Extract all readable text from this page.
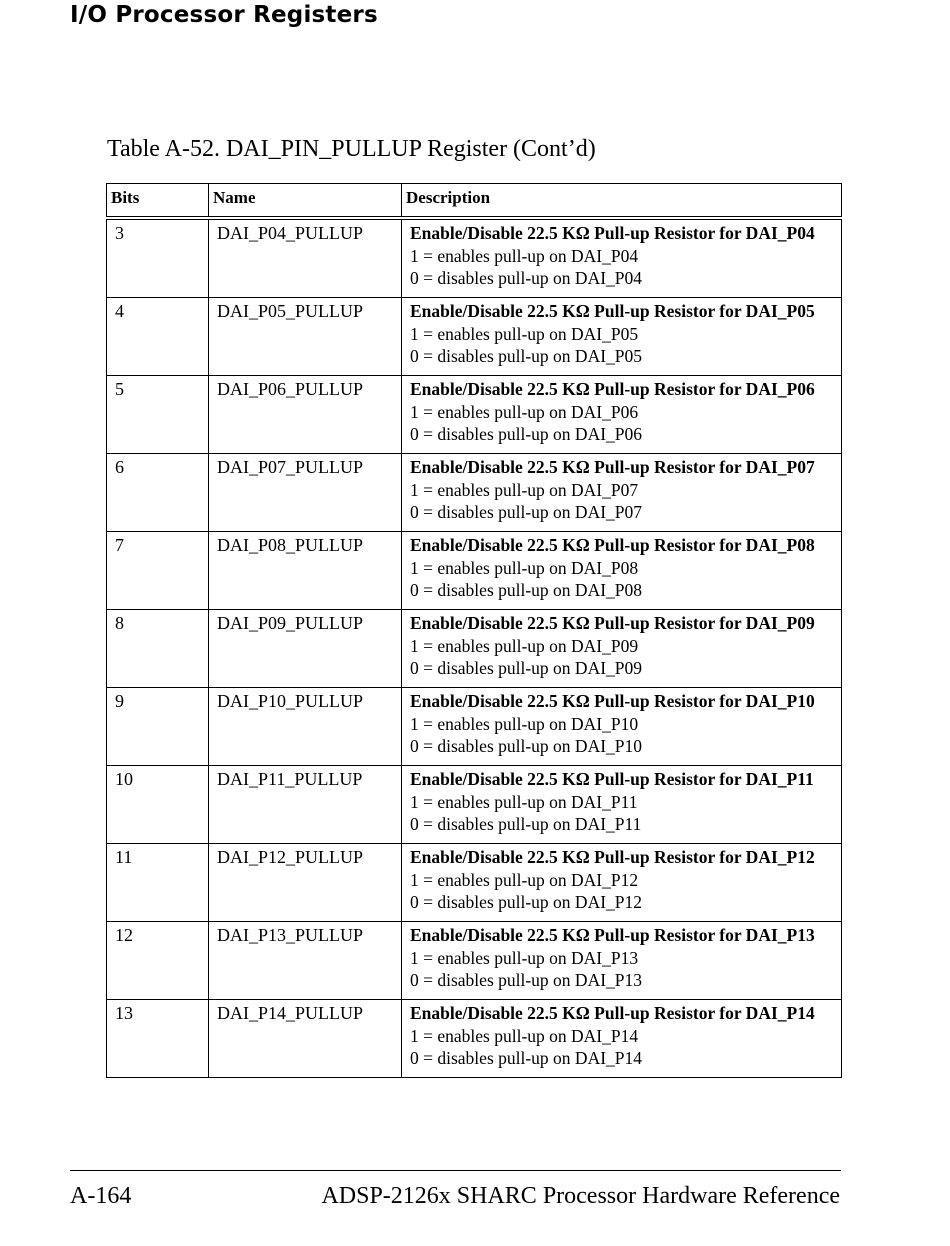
I/O Processor Registers
Table A-52. DAI_PIN_PULLUP Register (Cont’d)
Bits	Name	Description
3	DAI_P04_PULLUP	Enable/Disable 22.5 KΩ Pull-up Resistor for DAI_P04
1 = enables pull-up on DAI_P04
0 = disables pull-up on DAI_P04

4	DAI_P05_PULLUP	Enable/Disable 22.5 KΩ Pull-up Resistor for DAI_P05
1 = enables pull-up on DAI_P05
0 = disables pull-up on DAI_P05

5	DAI_P06_PULLUP	Enable/Disable 22.5 KΩ Pull-up Resistor for DAI_P06
1 = enables pull-up on DAI_P06
0 = disables pull-up on DAI_P06

6	DAI_P07_PULLUP	Enable/Disable 22.5 KΩ Pull-up Resistor for DAI_P07
1 = enables pull-up on DAI_P07
0 = disables pull-up on DAI_P07

7	DAI_P08_PULLUP	Enable/Disable 22.5 KΩ Pull-up Resistor for DAI_P08
1 = enables pull-up on DAI_P08
0 = disables pull-up on DAI_P08

8	DAI_P09_PULLUP	Enable/Disable 22.5 KΩ Pull-up Resistor for DAI_P09
1 = enables pull-up on DAI_P09
0 = disables pull-up on DAI_P09

9	DAI_P10_PULLUP	Enable/Disable 22.5 KΩ Pull-up Resistor for DAI_P10
1 = enables pull-up on DAI_P10
0 = disables pull-up on DAI_P10

10	DAI_P11_PULLUP	Enable/Disable 22.5 KΩ Pull-up Resistor for DAI_P11
1 = enables pull-up on DAI_P11
0 = disables pull-up on DAI_P11

11	DAI_P12_PULLUP	Enable/Disable 22.5 KΩ Pull-up Resistor for DAI_P12
1 = enables pull-up on DAI_P12
0 = disables pull-up on DAI_P12

12	DAI_P13_PULLUP	Enable/Disable 22.5 KΩ Pull-up Resistor for DAI_P13
1 = enables pull-up on DAI_P13
0 = disables pull-up on DAI_P13

13	DAI_P14_PULLUP	Enable/Disable 22.5 KΩ Pull-up Resistor for DAI_P14
1 = enables pull-up on DAI_P14
0 = disables pull-up on DAI_P14
A-164	ADSP-2126x SHARC Processor Hardware Reference
